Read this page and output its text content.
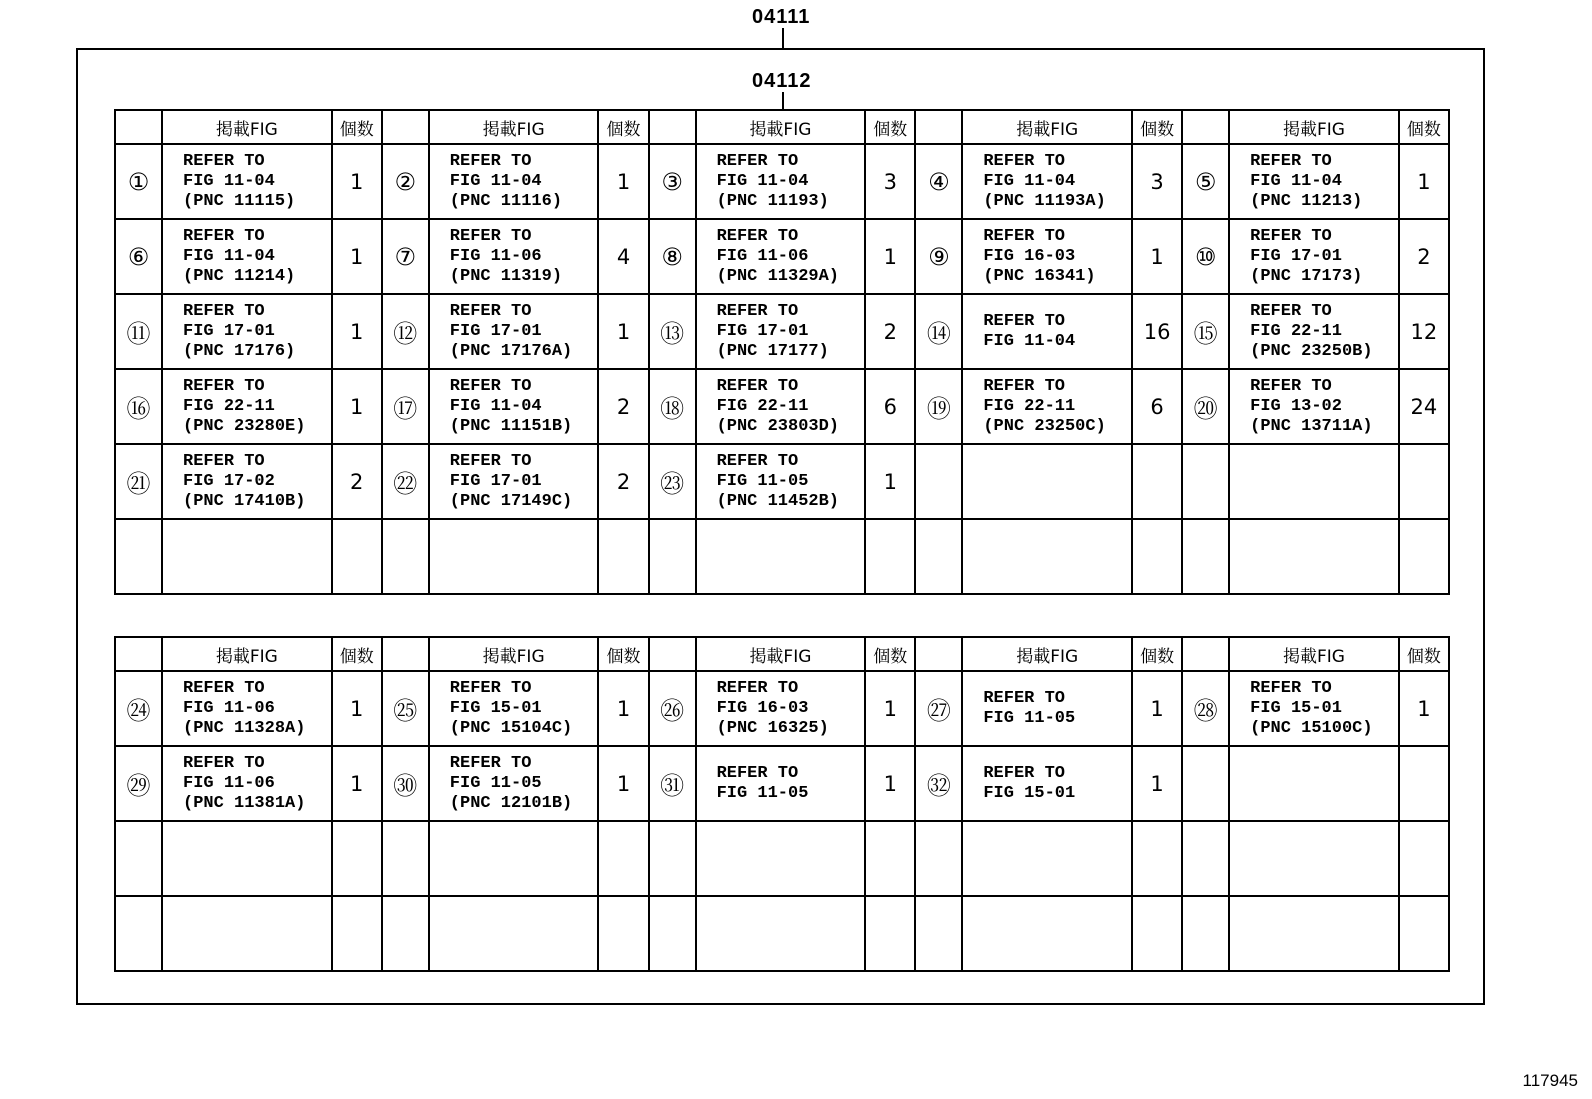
04111
04112
	掲載FIG	個数		掲載FIG	個数		掲載FIG	個数		掲載FIG	個数		掲載FIG	個数
①	REFER TO
FIG 11-04
(PNC 11115)	1	②	REFER TO
FIG 11-04
(PNC 11116)	1	③	REFER TO
FIG 11-04
(PNC 11193)	3	④	REFER TO
FIG 11-04
(PNC 11193A)	3	⑤	REFER TO
FIG 11-04
(PNC 11213)	1
⑥	REFER TO
FIG 11-04
(PNC 11214)	1	⑦	REFER TO
FIG 11-06
(PNC 11319)	4	⑧	REFER TO
FIG 11-06
(PNC 11329A)	1	⑨	REFER TO
FIG 16-03
(PNC 16341)	1	⑩	REFER TO
FIG 17-01
(PNC 17173)	2
⑪	REFER TO
FIG 17-01
(PNC 17176)	1	⑫	REFER TO
FIG 17-01
(PNC 17176A)	1	⑬	REFER TO
FIG 17-01
(PNC 17177)	2	⑭	REFER TO
FIG 11-04	16	⑮	REFER TO
FIG 22-11
(PNC 23250B)	12
⑯	REFER TO
FIG 22-11
(PNC 23280E)	1	⑰	REFER TO
FIG 11-04
(PNC 11151B)	2	⑱	REFER TO
FIG 22-11
(PNC 23803D)	6	⑲	REFER TO
FIG 22-11
(PNC 23250C)	6	⑳	REFER TO
FIG 13-02
(PNC 13711A)	24
㉑	REFER TO
FIG 17-02
(PNC 17410B)	2	㉒	REFER TO
FIG 17-01
(PNC 17149C)	2	㉓	REFER TO
FIG 11-05
(PNC 11452B)	1		

	掲載FIG	個数		掲載FIG	個数		掲載FIG	個数		掲載FIG	個数		掲載FIG	個数
㉔	REFER TO
FIG 11-06
(PNC 11328A)	1	㉕	REFER TO
FIG 15-01
(PNC 15104C)	1	㉖	REFER TO
FIG 16-03
(PNC 16325)	1	㉗	REFER TO
FIG 11-05	1	㉘	REFER TO
FIG 15-01
(PNC 15100C)	1
㉙	REFER TO
FIG 11-06
(PNC 11381A)	1	㉚	REFER TO
FIG 11-05
(PNC 12101B)	1	㉛	REFER TO
FIG 11-05	1	㉜	REFER TO
FIG 15-01	1		

117945
